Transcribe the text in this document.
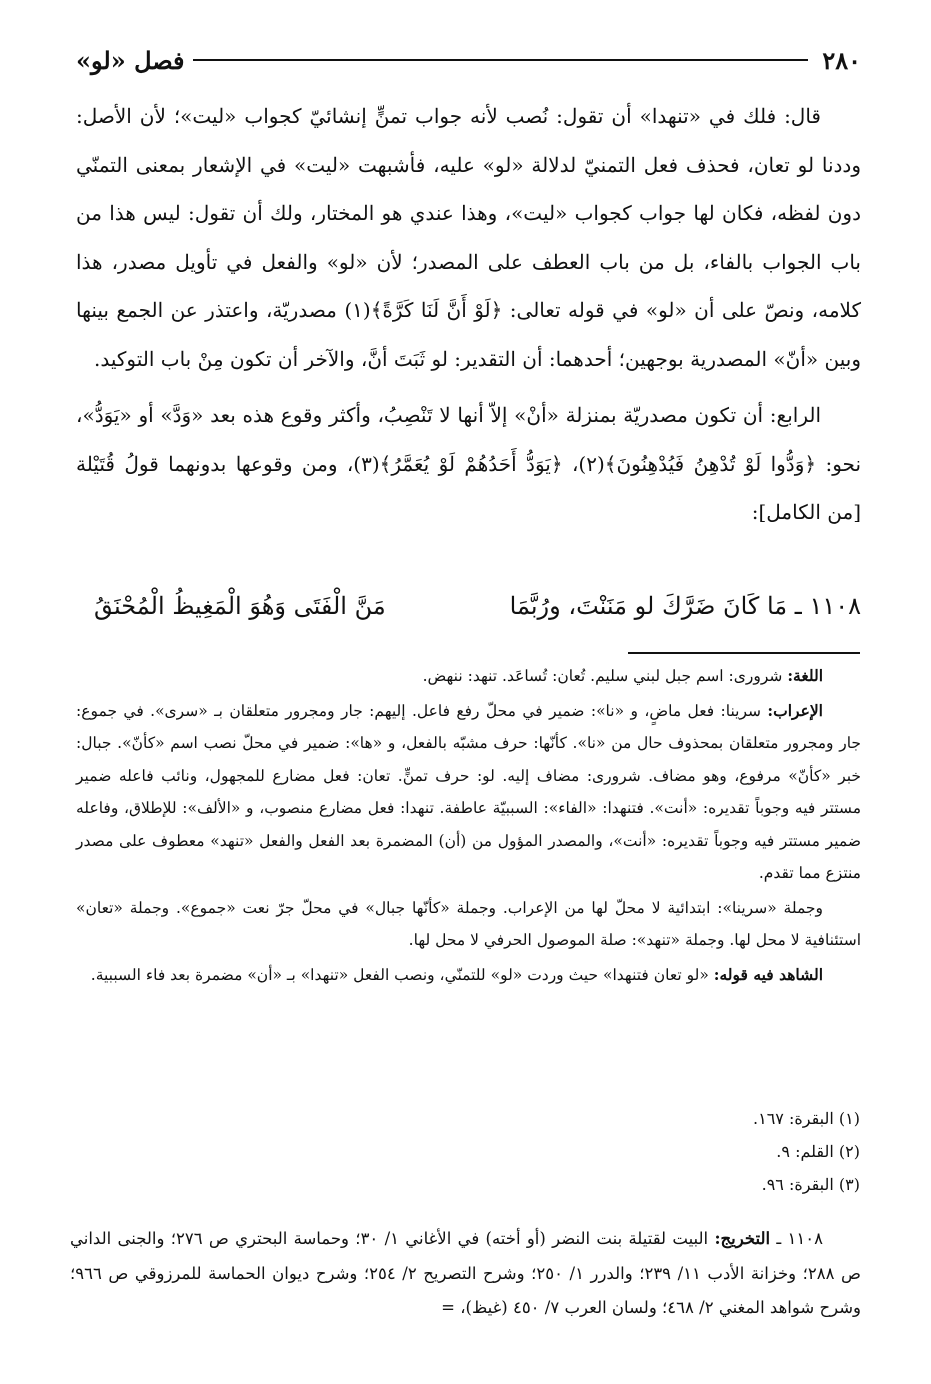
٢٨٠
فصل «لو»

قال: فلك في «تنهدا» أن تقول: نُصب لأنه جواب تمنٍّ إنشائيّ كجواب «ليت»؛ لأن الأصل: وددنا لو تعان، فحذف فعل التمنيّ لدلالة «لو» عليه، فأشبهت «ليت» في الإشعار بمعنى التمنّي دون لفظه، فكان لها جواب كجواب «ليت»، وهذا عندي هو المختار، ولك أن تقول: ليس هذا من باب الجواب بالفاء، بل من باب العطف على المصدر؛ لأن «لو» والفعل في تأويل مصدر، هذا كلامه، ونصّ على أن «لو» في قوله تعالى: ﴿لَوْ أَنَّ لَنَا كَرَّةً﴾(١) مصدريّة، واعتذر عن الجمع بينها وبين «أنّ» المصدرية بوجهين؛ أحدهما: أن التقدير: لو ثَبَتَ أنَّ، والآخر أن تكون مِنْ باب التوكيد.

الرابع: أن تكون مصدريّة بمنزلة «أنْ» إلاّ أنها لا تَنْصِبُ، وأكثر وقوع هذه بعد «وَدَّ» أو «يَوَدُّ»، نحو: ﴿وَدُّوا لَوْ تُدْهِنُ فَيُدْهِنُونَ﴾(٢)، ﴿يَوَدُّ أَحَدُهُمْ لَوْ يُعَمَّرُ﴾(٣)، ومن وقوعها بدونهما قولُ قُتَيْلة [من الكامل]:

١١٠٨ ـ مَا كَانَ ضَرَّكَ لو مَنَنْتَ، ورُبَّمَا
مَنَّ الْفَتَى وَهُوَ الْمَغِيظُ الْمُحْنَقُ

اللغة: شروری: اسم جبل لبني سليم. تُعان: تُساعَد. تنهد: ننهض.

الإعراب: سرينا: فعل ماضٍ، و «نا»: ضمير في محلّ رفع فاعل. إليهم: جار ومجرور متعلقان بـ «سرى». في جموع: جار ومجرور متعلقان بمحذوف حال من «نا». كأنّها: حرف مشبّه بالفعل، و «ها»: ضمير في محلّ نصب اسم «كأنّ». جبال: خبر «كأنّ» مرفوع، وهو مضاف. شرورى: مضاف إليه. لو: حرف تمنٍّ. تعان: فعل مضارع للمجهول، ونائب فاعله ضمير مستتر فيه وجوباً تقديره: «أنت». فتنهدا: «الفاء»: السببيّة عاطفة. تنهدا: فعل مضارع منصوب، و «الألف»: للإطلاق، وفاعله ضمير مستتر فيه وجوباً تقديره: «أنت»، والمصدر المؤول من (أن) المضمرة بعد الفعل والفعل «تنهد» معطوف على مصدر منتزع مما تقدم.

وجملة «سرينا»: ابتدائية لا محلّ لها من الإعراب. وجملة «كأنّها جبال» في محلّ جرّ نعت «جموع». وجملة «تعان» استئنافية لا محل لها. وجملة «تنهد»: صلة الموصول الحرفي لا محل لها.

الشاهد فيه قوله: «لو تعان فتنهدا» حيث وردت «لو» للتمنّي، ونصب الفعل «تنهدا» بـ «أن» مضمرة بعد فاء السببية.

(١) البقرة: ١٦٧.
(٢) القلم: ٩.
(٣) البقرة: ٩٦.

١١٠٨ ـ التخريج: البيت لقتيلة بنت النضر (أو أخته) في الأغاني ١/ ٣٠؛ وحماسة البحتري ص ٢٧٦؛ والجنى الداني ص ٢٨٨؛ وخزانة الأدب ١١/ ٢٣٩؛ والدرر ١/ ٢٥٠؛ وشرح التصريح ٢/ ٢٥٤؛ وشرح ديوان الحماسة للمرزوقي ص ٩٦٦؛ وشرح شواهد المغني ٢/ ٤٦٨؛ ولسان العرب ٧/ ٤٥٠ (غيظ)، =
